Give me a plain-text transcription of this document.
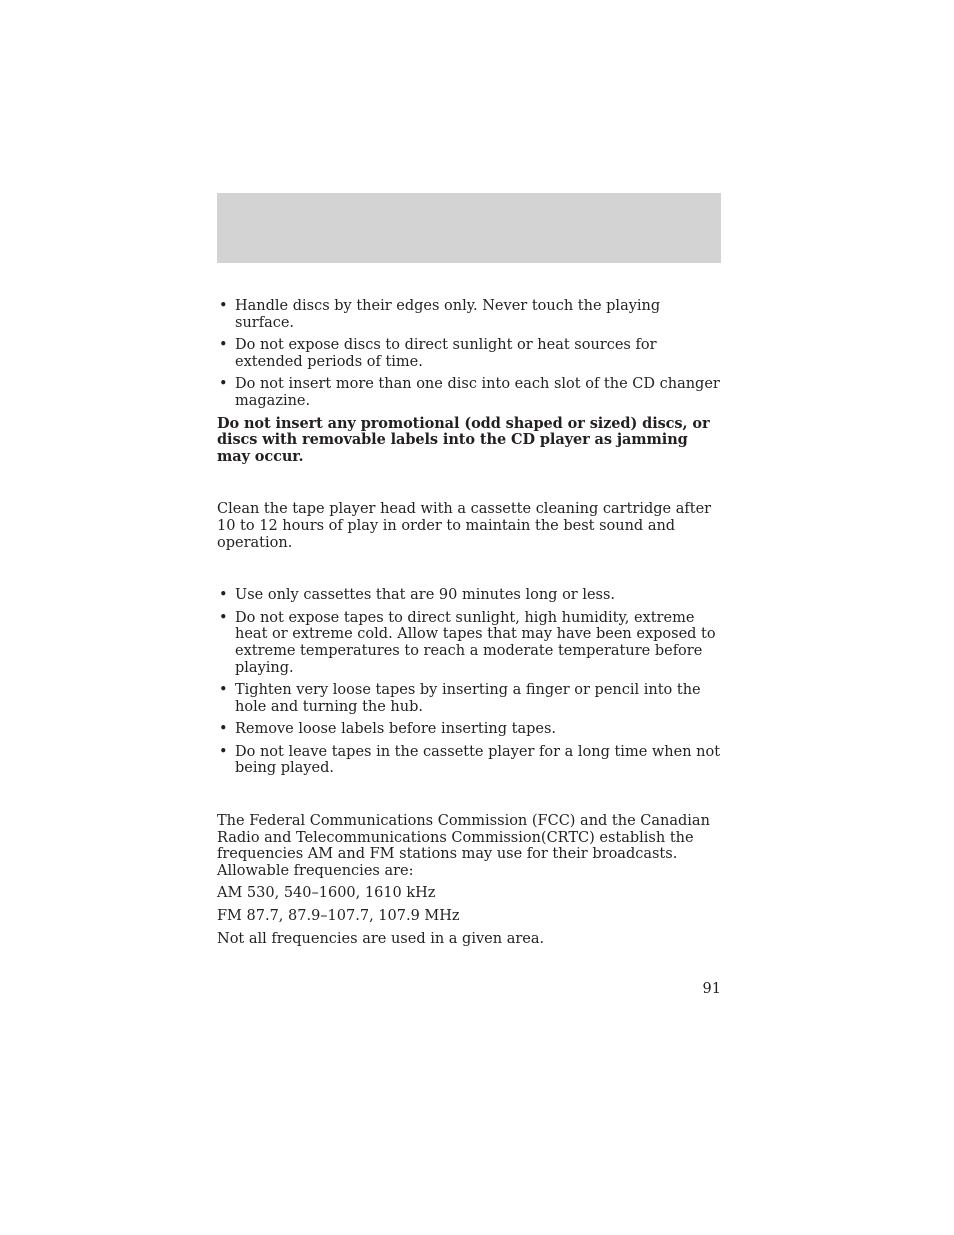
• Handle discs by their edges only. Never touch the playing surface.
• Do not expose discs to direct sunlight or heat sources for extended periods of time.
• Do not insert more than one disc into each slot of the CD changer magazine.

Do not insert any promotional (odd shaped or sized) discs, or discs with removable labels into the CD player as jamming may occur.

Clean the tape player head with a cassette cleaning cartridge after 10 to 12 hours of play in order to maintain the best sound and operation.

• Use only cassettes that are 90 minutes long or less.
• Do not expose tapes to direct sunlight, high humidity, extreme heat or extreme cold. Allow tapes that may have been exposed to extreme temperatures to reach a moderate temperature before playing.
• Tighten very loose tapes by inserting a finger or pencil into the hole and turning the hub.
• Remove loose labels before inserting tapes.
• Do not leave tapes in the cassette player for a long time when not being played.

The Federal Communications Commission (FCC) and the Canadian Radio and Telecommunications Commission(CRTC) establish the frequencies AM and FM stations may use for their broadcasts. Allowable frequencies are:

AM 530, 540–1600, 1610 kHz

FM 87.7, 87.9–107.7, 107.9 MHz

Not all frequencies are used in a given area.

91
